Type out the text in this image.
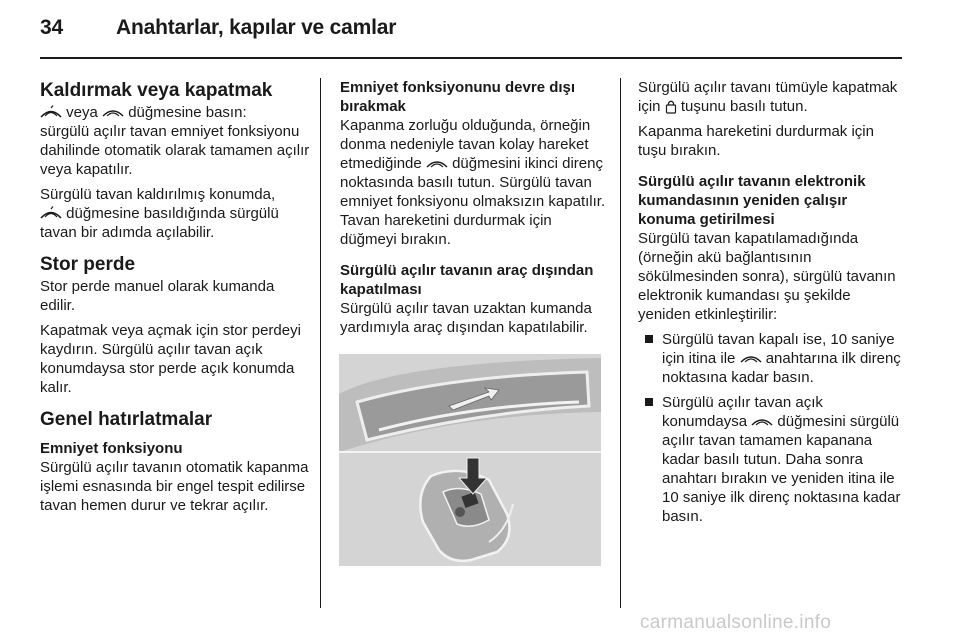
34	Anahtarlar, kapılar ve camlar
Kaldırmak veya kapatmak

veya  düğmesine basın:
sürgülü açılır tavan emniyet fonksiyonu dahilinde otomatik olarak tamamen açılır veya kapatılır.

Sürgülü tavan kaldırılmış konumda,
düğmesine basıldığında sürgülü tavan bir adımda açılabilir.

Stor perde

Stor perde manuel olarak kumanda edilir.

Kapatmak veya açmak için stor perdeyi kaydırın. Sürgülü açılır tavan açık konumdaysa stor perde açık konumda kalır.

Genel hatırlatmalar
Emniyet fonksiyonu

Sürgülü açılır tavanın otomatik kapanma işlemi esnasında bir engel tespit edilirse tavan hemen durur ve tekrar açılır.

Emniyet fonksiyonunu devre dışı bırakmak

Kapanma zorluğu olduğunda, örneğin donma nedeniyle tavan kolay hareket etmediğinde  düğmesini ikinci direnç noktasında basılı tutun. Sürgülü tavan emniyet fonksiyonu olmaksızın kapatılır. Tavan hareketini durdurmak için düğmeyi bırakın.

Sürgülü açılır tavanın araç dışından kapatılması

Sürgülü açılır tavan uzaktan kumanda yardımıyla araç dışından kapatılabilir.

Sürgülü açılır tavanı tümüyle kapatmak için  tuşunu basılı tutun.

Kapanma hareketini durdurmak için tuşu bırakın.

Sürgülü açılır tavanın elektronik kumandasının yeniden çalışır konuma getirilmesi

Sürgülü tavan kapatılamadığında (örneğin akü bağlantısının sökülmesinden sonra), sürgülü tavanın elektronik kumandası şu şekilde yeniden etkinleştirilir:

Sürgülü tavan kapalı ise, 10 saniye için itina ile  anahtarına ilk direnç noktasına kadar basın.
Sürgülü açılır tavan açık konumdaysa  düğmesini sürgülü açılır tavan tamamen kapanana kadar basılı tutun. Daha sonra anahtarı bırakın ve yeniden itina ile 10 saniye ilk direnç noktasına kadar basın.
carmanualsonline.info
